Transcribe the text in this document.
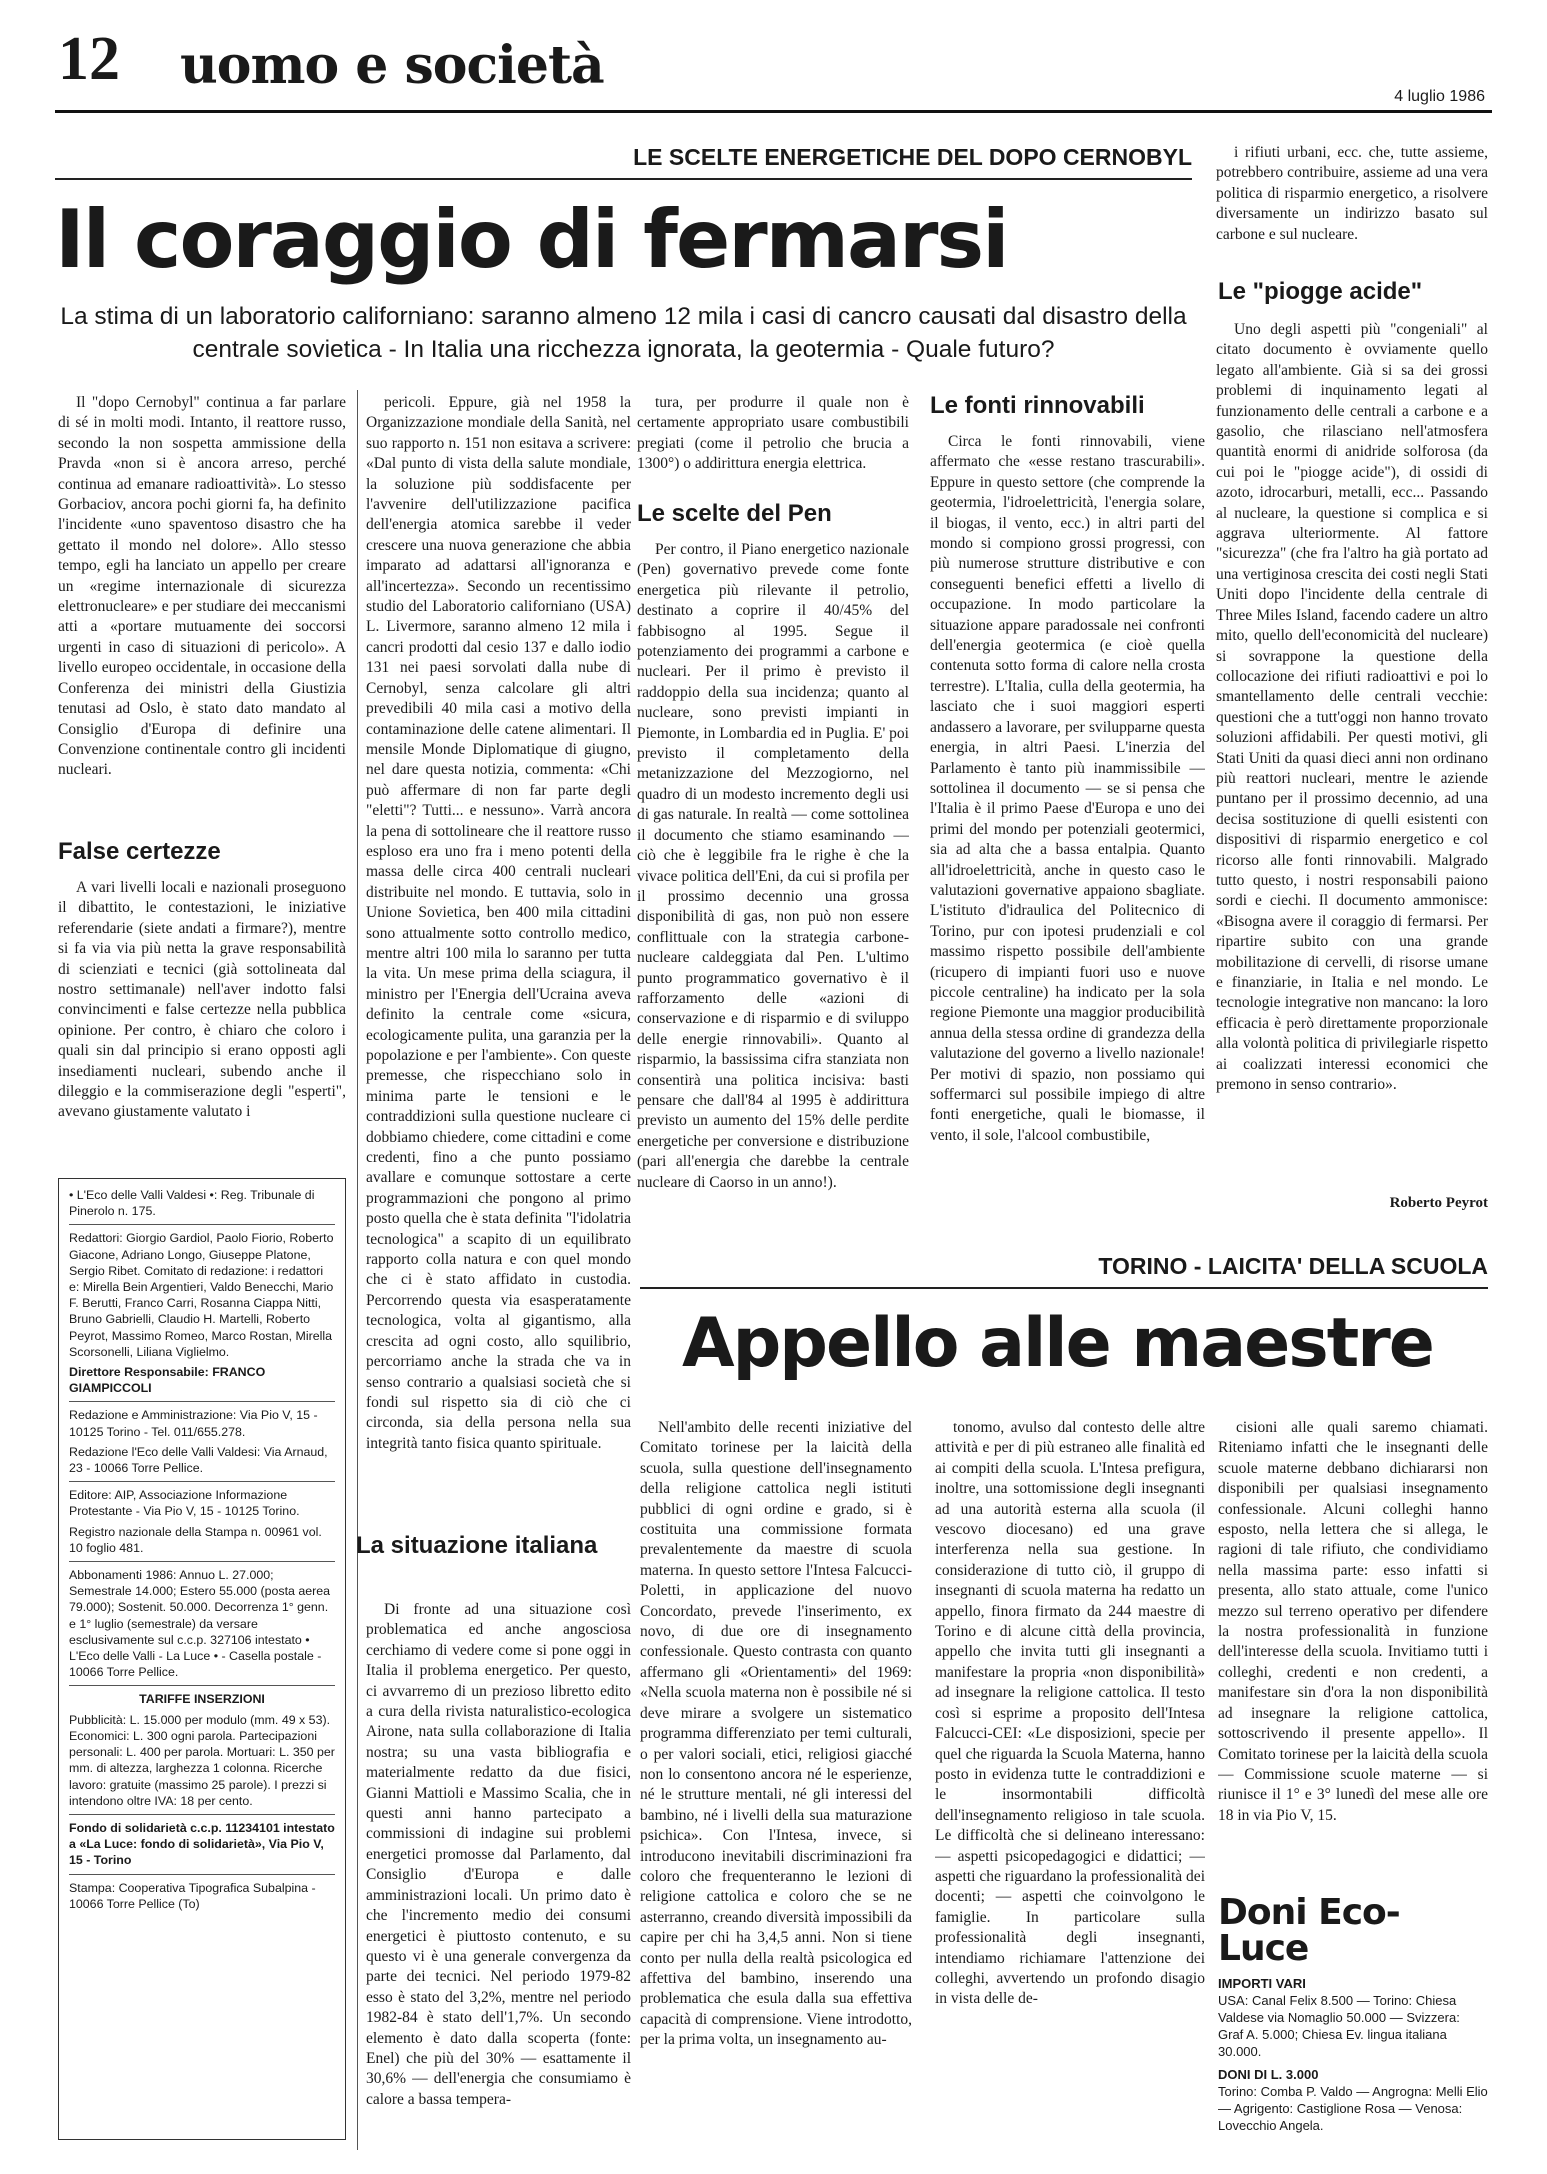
12 uomo e società
4 luglio 1986
LE SCELTE ENERGETICHE DEL DOPO CERNOBYL
Il coraggio di fermarsi
La stima di un laboratorio californiano: saranno almeno 12 mila i casi di cancro causati dal disastro della centrale sovietica - In Italia una ricchezza ignorata, la geotermia - Quale futuro?

Il "dopo Cernobyl" continua a far parlare di sé in molti modi. Intanto, il reattore russo, secondo la non sospetta ammissione della Pravda «non si è ancora arreso, perché continua ad emanare radioattività». Lo stesso Gorbaciov, ancora pochi giorni fa, ha definito l'incidente «uno spaventoso disastro che ha gettato il mondo nel dolore». Allo stesso tempo, egli ha lanciato un appello per creare un «regime internazionale di sicurezza elettronucleare» e per studiare dei meccanismi atti a «portare mutuamente dei soccorsi urgenti in caso di situazioni di pericolo». A livello europeo occidentale, in occasione della Conferenza dei ministri della Giustizia tenutasi ad Oslo, è stato dato mandato al Consiglio d'Europa di definire una Convenzione continentale contro gli incidenti nucleari.

False certezze

A vari livelli locali e nazionali proseguono il dibattito, le contestazioni, le iniziative referendarie (siete andati a firmare?), mentre si fa via via più netta la grave responsabilità di scienziati e tecnici (già sottolineata dal nostro settimanale) nell'aver indotto falsi convincimenti e false certezze nella pubblica opinione. Per contro, è chiaro che coloro i quali sin dal principio si erano opposti agli insediamenti nucleari, subendo anche il dileggio e la commiserazione degli "esperti", avevano giustamente valutato i

• L'Eco delle Valli Valdesi •: Reg. Tribunale di Pinerolo n. 175.

Redattori: Giorgio Gardiol, Paolo Fiorio, Roberto Giacone, Adriano Longo, Giuseppe Platone, Sergio Ribet. Comitato di redazione: i redattori e: Mirella Bein Argentieri, Valdo Benecchi, Mario F. Berutti, Franco Carri, Rosanna Ciappa Nitti, Bruno Gabrielli, Claudio H. Martelli, Roberto Peyrot, Massimo Romeo, Marco Rostan, Mirella Scorsonelli, Liliana Viglielmo.

Direttore Responsabile: FRANCO GIAMPICCOLI

Redazione e Amministrazione: Via Pio V, 15 - 10125 Torino - Tel. 011/655.278.

Redazione l'Eco delle Valli Valdesi: Via Arnaud, 23 - 10066 Torre Pellice.

Editore: AIP, Associazione Informazione Protestante - Via Pio V, 15 - 10125 Torino.

Registro nazionale della Stampa n. 00961 vol. 10 foglio 481.

Abbonamenti 1986: Annuo L. 27.000; Semestrale 14.000; Estero 55.000 (posta aerea 79.000); Sostenit. 50.000. Decorrenza 1° genn. e 1° luglio (semestrale) da versare esclusivamente sul c.c.p. 327106 intestato • L'Eco delle Valli - La Luce • - Casella postale - 10066 Torre Pellice.

TARIFFE INSERZIONI

Pubblicità: L. 15.000 per modulo (mm. 49 x 53). Economici: L. 300 ogni parola. Partecipazioni personali: L. 400 per parola. Mortuari: L. 350 per mm. di altezza, larghezza 1 colonna. Ricerche lavoro: gratuite (massimo 25 parole). I prezzi si intendono oltre IVA: 18 per cento.

Fondo di solidarietà c.c.p. 11234101 intestato a «La Luce: fondo di solidarietà», Via Pio V, 15 - Torino

Stampa: Cooperativa Tipografica Subalpina - 10066 Torre Pellice (To)

pericoli. Eppure, già nel 1958 la Organizzazione mondiale della Sanità, nel suo rapporto n. 151 non esitava a scrivere: «Dal punto di vista della salute mondiale, la soluzione più soddisfacente per l'avvenire dell'utilizzazione pacifica dell'energia atomica sarebbe il veder crescere una nuova generazione che abbia imparato ad adattarsi all'ignoranza e all'incertezza». Secondo un recentissimo studio del Laboratorio californiano (USA) L. Livermore, saranno almeno 12 mila i cancri prodotti dal cesio 137 e dallo iodio 131 nei paesi sorvolati dalla nube di Cernobyl, senza calcolare gli altri prevedibili 40 mila casi a motivo della contaminazione delle catene alimentari. Il mensile Monde Diplomatique di giugno, nel dare questa notizia, commenta: «Chi può affermare di non far parte degli "eletti"? Tutti... e nessuno». Varrà ancora la pena di sottolineare che il reattore russo esploso era uno fra i meno potenti della massa delle circa 400 centrali nucleari distribuite nel mondo. E tuttavia, solo in Unione Sovietica, ben 400 mila cittadini sono attualmente sotto controllo medico, mentre altri 100 mila lo saranno per tutta la vita. Un mese prima della sciagura, il ministro per l'Energia dell'Ucraina aveva definito la centrale come «sicura, ecologicamente pulita, una garanzia per la popolazione e per l'ambiente». Con queste premesse, che rispecchiano solo in minima parte le tensioni e le contraddizioni sulla questione nucleare ci dobbiamo chiedere, come cittadini e come credenti, fino a che punto possiamo avallare e comunque sottostare a certe programmazioni che pongono al primo posto quella che è stata definita "l'idolatria tecnologica" a scapito di un equilibrato rapporto colla natura e con quel mondo che ci è stato affidato in custodia. Percorrendo questa via esasperatamente tecnologica, volta al gigantismo, alla crescita ad ogni costo, allo squilibrio, percorriamo anche la strada che va in senso contrario a qualsiasi società che si fondi sul rispetto sia di ciò che ci circonda, sia della persona nella sua integrità tanto fisica quanto spirituale.

La situazione italiana

Di fronte ad una situazione così problematica ed anche angosciosa cerchiamo di vedere come si pone oggi in Italia il problema energetico. Per questo, ci avvarremo di un prezioso libretto edito a cura della rivista naturalistico-ecologica Airone, nata sulla collaborazione di Italia nostra; su una vasta bibliografia e materialmente redatto da due fisici, Gianni Mattioli e Massimo Scalia, che in questi anni hanno partecipato a commissioni di indagine sui problemi energetici promosse dal Parlamento, dal Consiglio d'Europa e dalle amministrazioni locali. Un primo dato è che l'incremento medio dei consumi energetici è piuttosto contenuto, e su questo vi è una generale convergenza da parte dei tecnici. Nel periodo 1979-82 esso è stato del 3,2%, mentre nel periodo 1982-84 è stato dell'1,7%. Un secondo elemento è dato dalla scoperta (fonte: Enel) che più del 30% — esattamente il 30,6% — dell'energia che consumiamo è calore a bassa tempera-

tura, per produrre il quale non è certamente appropriato usare combustibili pregiati (come il petrolio che brucia a 1300°) o addirittura energia elettrica.

Le scelte del Pen

Per contro, il Piano energetico nazionale (Pen) governativo prevede come fonte energetica più rilevante il petrolio, destinato a coprire il 40/45% del fabbisogno al 1995. Segue il potenziamento dei programmi a carbone e nucleari. Per il primo è previsto il raddoppio della sua incidenza; quanto al nucleare, sono previsti impianti in Piemonte, in Lombardia ed in Puglia. E' poi previsto il completamento della metanizzazione del Mezzogiorno, nel quadro di un modesto incremento degli usi di gas naturale. In realtà — come sottolinea il documento che stiamo esaminando — ciò che è leggibile fra le righe è che la vivace politica dell'Eni, da cui si profila per il prossimo decennio una grossa disponibilità di gas, non può non essere conflittuale con la strategia carbone-nucleare caldeggiata dal Pen. L'ultimo punto programmatico governativo è il rafforzamento delle «azioni di conservazione e di risparmio e di sviluppo delle energie rinnovabili». Quanto al risparmio, la bassissima cifra stanziata non consentirà una politica incisiva: basti pensare che dall'84 al 1995 è addirittura previsto un aumento del 15% delle perdite energetiche per conversione e distribuzione (pari all'energia che darebbe la centrale nucleare di Caorso in un anno!).

Le fonti rinnovabili

Circa le fonti rinnovabili, viene affermato che «esse restano trascurabili». Eppure in questo settore (che comprende la geotermia, l'idroelettricità, l'energia solare, il biogas, il vento, ecc.) in altri parti del mondo si compiono grossi progressi, con più numerose strutture distributive e con conseguenti benefici effetti a livello di occupazione. In modo particolare la situazione appare paradossale nei confronti dell'energia geotermica (e cioè quella contenuta sotto forma di calore nella crosta terrestre). L'Italia, culla della geotermia, ha lasciato che i suoi maggiori esperti andassero a lavorare, per svilupparne questa energia, in altri Paesi. L'inerzia del Parlamento è tanto più inammissibile — sottolinea il documento — se si pensa che l'Italia è il primo Paese d'Europa e uno dei primi del mondo per potenziali geotermici, sia ad alta che a bassa entalpia. Quanto all'idroelettricità, anche in questo caso le valutazioni governative appaiono sbagliate. L'istituto d'idraulica del Politecnico di Torino, pur con ipotesi prudenziali e col massimo rispetto possibile dell'ambiente (ricupero di impianti fuori uso e nuove piccole centraline) ha indicato per la sola regione Piemonte una maggior producibilità annua della stessa ordine di grandezza della valutazione del governo a livello nazionale! Per motivi di spazio, non possiamo qui soffermarci sul possibile impiego di altre fonti energetiche, quali le biomasse, il vento, il sole, l'alcool combustibile,

i rifiuti urbani, ecc. che, tutte assieme, potrebbero contribuire, assieme ad una vera politica di risparmio energetico, a risolvere diversamente un indirizzo basato sul carbone e sul nucleare.

Le "piogge acide"

Uno degli aspetti più "congeniali" al citato documento è ovviamente quello legato all'ambiente. Già si sa dei grossi problemi di inquinamento legati al funzionamento delle centrali a carbone e a gasolio, che rilasciano nell'atmosfera quantità enormi di anidride solforosa (da cui poi le "piogge acide"), di ossidi di azoto, idrocarburi, metalli, ecc... Passando al nucleare, la questione si complica e si aggrava ulteriormente. Al fattore "sicurezza" (che fra l'altro ha già portato ad una vertiginosa crescita dei costi negli Stati Uniti dopo l'incidente della centrale di Three Miles Island, facendo cadere un altro mito, quello dell'economicità del nucleare) si sovrappone la questione della collocazione dei rifiuti radioattivi e poi lo smantellamento delle centrali vecchie: questioni che a tutt'oggi non hanno trovato soluzioni affidabili. Per questi motivi, gli Stati Uniti da quasi dieci anni non ordinano più reattori nucleari, mentre le aziende puntano per il prossimo decennio, ad una decisa sostituzione di quelli esistenti con dispositivi di risparmio energetico e col ricorso alle fonti rinnovabili. Malgrado tutto questo, i nostri responsabili paiono sordi e ciechi. Il documento ammonisce: «Bisogna avere il coraggio di fermarsi. Per ripartire subito con una grande mobilitazione di cervelli, di risorse umane e finanziarie, in Italia e nel mondo. Le tecnologie integrative non mancano: la loro efficacia è però direttamente proporzionale alla volontà politica di privilegiarle rispetto ai coalizzati interessi economici che premono in senso contrario».

Roberto Peyrot
TORINO - LAICITA' DELLA SCUOLA
Appello alle maestre

Nell'ambito delle recenti iniziative del Comitato torinese per la laicità della scuola, sulla questione dell'insegnamento della religione cattolica negli istituti pubblici di ogni ordine e grado, si è costituita una commissione formata prevalentemente da maestre di scuola materna. In questo settore l'Intesa Falcucci-Poletti, in applicazione del nuovo Concordato, prevede l'inserimento, ex novo, di due ore di insegnamento confessionale. Questo contrasta con quanto affermano gli «Orientamenti» del 1969: «Nella scuola materna non è possibile né si deve mirare a svolgere un sistematico programma differenziato per temi culturali, o per valori sociali, etici, religiosi giacché non lo consentono ancora né le esperienze, né le strutture mentali, né gli interessi del bambino, né i livelli della sua maturazione psichica». Con l'Intesa, invece, si introducono inevitabili discriminazioni fra coloro che frequenteranno le lezioni di religione cattolica e coloro che se ne asterranno, creando diversità impossibili da capire per chi ha 3,4,5 anni. Non si tiene conto per nulla della realtà psicologica ed affettiva del bambino, inserendo una problematica che esula dalla sua effettiva capacità di comprensione. Viene introdotto, per la prima volta, un insegnamento au-

tonomo, avulso dal contesto delle altre attività e per di più estraneo alle finalità ed ai compiti della scuola. L'Intesa prefigura, inoltre, una sottomissione degli insegnanti ad una autorità esterna alla scuola (il vescovo diocesano) ed una grave interferenza nella sua gestione. In considerazione di tutto ciò, il gruppo di insegnanti di scuola materna ha redatto un appello, finora firmato da 244 maestre di Torino e di alcune città della provincia, appello che invita tutti gli insegnanti a manifestare la propria «non disponibilità» ad insegnare la religione cattolica. Il testo così si esprime a proposito dell'Intesa Falcucci-CEI: «Le disposizioni, specie per quel che riguarda la Scuola Materna, hanno posto in evidenza tutte le contraddizioni e le insormontabili difficoltà dell'insegnamento religioso in tale scuola. Le difficoltà che si delineano interessano: — aspetti psicopedagogici e didattici; — aspetti che riguardano la professionalità dei docenti; — aspetti che coinvolgono le famiglie. In particolare sulla professionalità degli insegnanti, intendiamo richiamare l'attenzione dei colleghi, avvertendo un profondo disagio in vista delle de-

cisioni alle quali saremo chiamati. Riteniamo infatti che le insegnanti delle scuole materne debbano dichiararsi non disponibili per qualsiasi insegnamento confessionale. Alcuni colleghi hanno esposto, nella lettera che si allega, le ragioni di tale rifiuto, che condividiamo nella massima parte: esso infatti si presenta, allo stato attuale, come l'unico mezzo sul terreno operativo per difendere la nostra professionalità in funzione dell'interesse della scuola. Invitiamo tutti i colleghi, credenti e non credenti, a manifestare sin d'ora la non disponibilità ad insegnare la religione cattolica, sottoscrivendo il presente appello». Il Comitato torinese per la laicità della scuola — Commissione scuole materne — si riunisce il 1° e 3° lunedì del mese alle ore 18 in via Pio V, 15.

Doni Eco-Luce
IMPORTI VARI
USA: Canal Felix 8.500 — Torino: Chiesa Valdese via Nomaglio 50.000 — Svizzera: Graf A. 5.000; Chiesa Ev. lingua italiana 30.000.
DONI DI L. 3.000
Torino: Comba P. Valdo — Angrogna: Melli Elio — Agrigento: Castiglione Rosa — Venosa: Lovecchio Angela.
